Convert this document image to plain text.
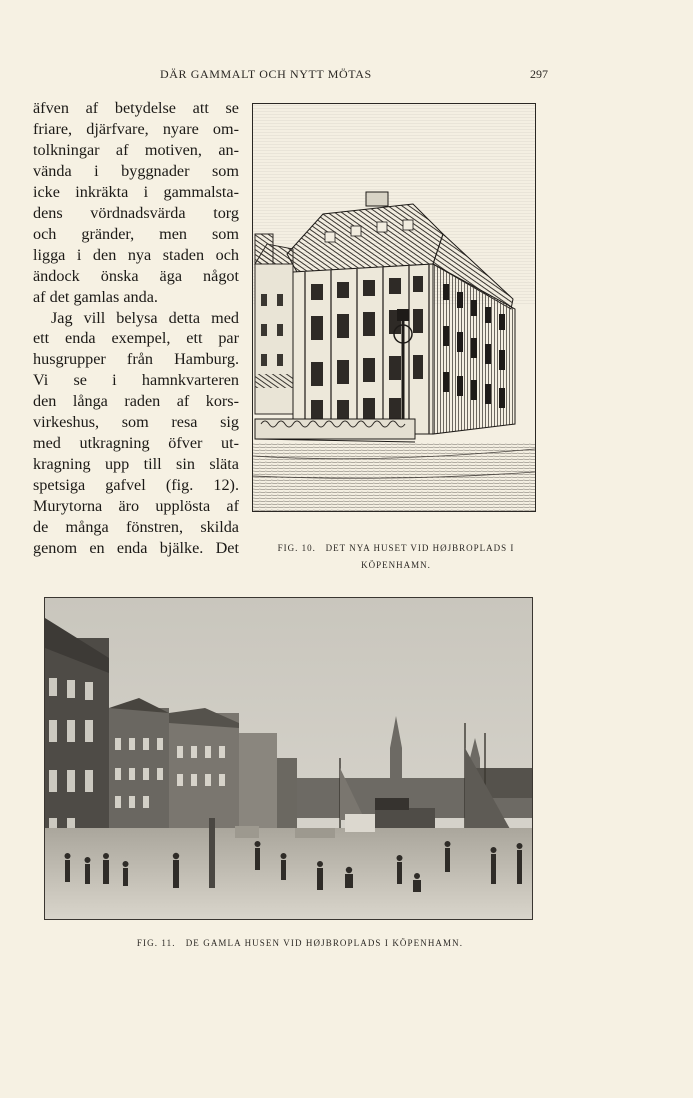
DÄR GAMMALT OCH NYTT MÖTAS	297
äfven af betydelse att se
friare, djärfvare, nyare om-
tolkningar af motiven, an-
vända i byggnader som
icke inkräkta i gammalsta-
dens vördnadsvärda torg
och gränder, men som
ligga i den nya staden och
ändock önska äga något
af det gamlas anda.
Jag vill belysa detta med
ett enda exempel, ett par
husgrupper från Hamburg.
Vi se i hamnkvarteren
den långa raden af kors-
virkeshus, som resa sig
med utkragning öfver ut-
kragning upp till sin släta
spetsiga gafvel (fig. 12).
Murytorna äro upplösta af
de många fönstren, skilda
genom en enda bjälke. Det	FIG. 10. DET NYA HUSET VID HØJBROPLADS I
KÖPENHAMN.
FIG. 11. DE GAMLA HUSEN VID HØJBROPLADS I KÖPENHAMN.
